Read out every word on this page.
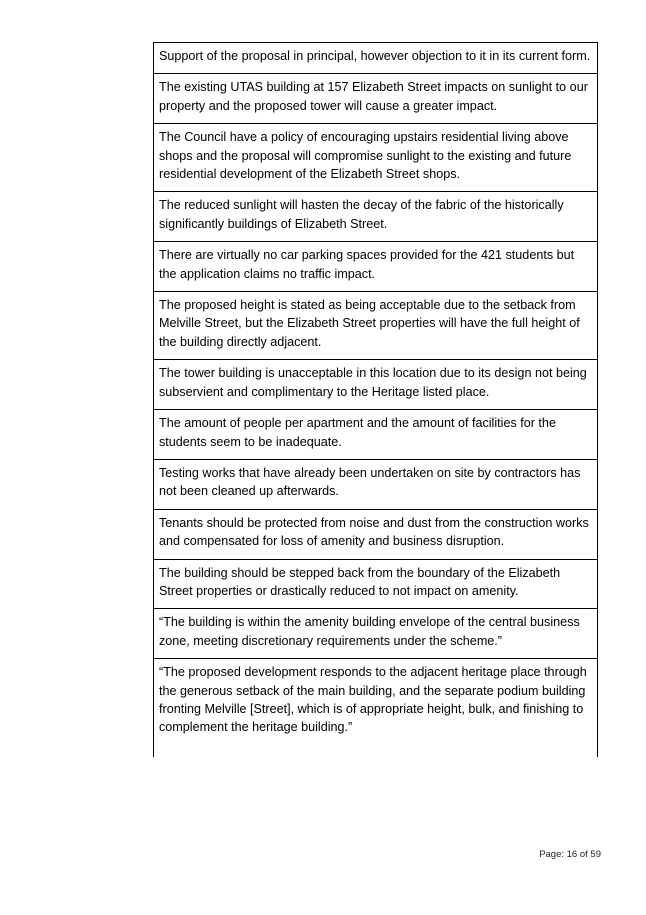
Support of the proposal in principal, however objection to it in its current form.
The existing UTAS building at 157 Elizabeth Street impacts on sunlight to our property and the proposed tower will cause a greater impact.
The Council have a policy of encouraging upstairs residential living above shops and the proposal will compromise sunlight to the existing and future residential development of the Elizabeth Street shops.
The reduced sunlight will hasten the decay of the fabric of the historically significantly buildings of Elizabeth Street.
There are virtually no car parking spaces provided for the 421 students but the application claims no traffic impact.
The proposed height is stated as being acceptable due to the setback from Melville Street, but the Elizabeth Street properties will have the full height of the building directly adjacent.
The tower building is unacceptable in this location due to its design not being subservient and complimentary to the Heritage listed place.
The amount of people per apartment and the amount of facilities for the students seem to be inadequate.
Testing works that have already been undertaken on site by contractors has not been cleaned up afterwards.
Tenants should be protected from noise and dust from the construction works and compensated for loss of amenity and business disruption.
The building should be stepped back from the boundary of the Elizabeth Street properties or drastically reduced to not impact on amenity.
“The building is within the amenity building envelope of the central business zone, meeting discretionary requirements under the scheme.”
“The proposed development responds to the adjacent heritage place through the generous setback of the main building, and the separate podium building fronting Melville [Street], which is of appropriate height, bulk, and finishing to complement the heritage building.”
Page: 16 of 59
